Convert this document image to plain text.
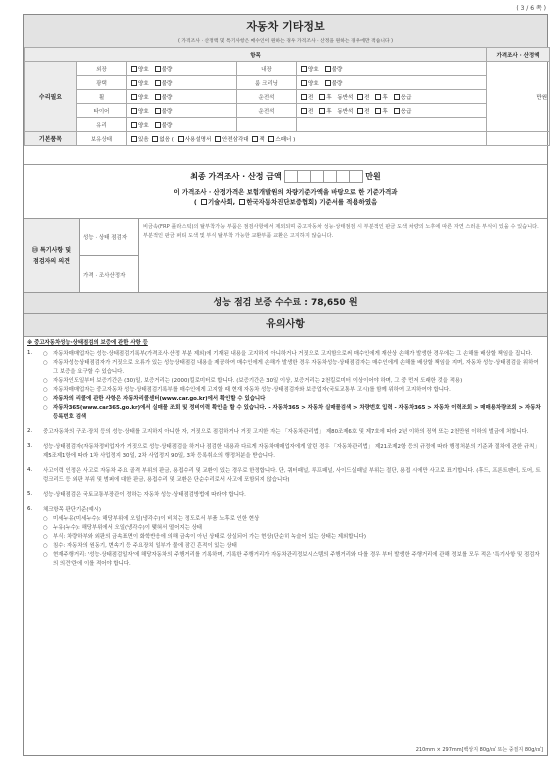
( 3 / 6 쪽 )
자동차 기타정보
( 가격조사 · 산정액 및 특기사항은 매수인이 원하는 경우 가격조사 · 산정을 원하는 경우에만 적습니다 )
항목					가격조사 · 산정액
수리필요	외장	양호 불량	내장	양호 불량	만원
	광택	양호 불량	룸 크리닝	양호 불량	
	휠	양호 불량	운전석	전 후 동반석 전 후 응급	
	타이어	양호 불량	운전석	전 후 동반석 전 후 응급	
	유리	양호 불량			
기본품목	보유상태	있음 없음 ( 사용설명서 안전삼각대 잭 스패너 )			
최종 가격조사 · 산정 금액	만원
이 가격조사 · 산정가격은 보험개발원의 차량기준가액을 바탕으로 한 기준가격과
( 기술사회, 한국자동차진단보증협회) 기준서를 적용하였음
⑬ 특기사항 및
점검자의 의견
성능 · 상태 점검자
가격 · 조사산정자
비금속(FRP 플라스틱)의 탈부착가능 부품은 점검사항에서 제외되며 중고자동차 성능·상태점검 시 부분적인 판금 도색 차량의 노후에 따른 자연 스러운 부식이 있을 수 있습니다. 부분적인 판금 퍼티 도색 및 부식 탈부착 가능한 교환부품 교환은 고지하지 않습니다.
성능 점검 보증 수수료 : 78,650 원
유의사항
※ 중고자동차성능·상태점검의 보증에 관한 사항 등
1.	○ 자동차매매업자는 성능·상태점검기록부(가격조사·산정 부분 제외)에 기재된 내용을 고지하지 아니하거나 거짓으로 고지함으로써 매수인에게 재산상 손해가 발생한 경우에는 그 손해를 배상할 책임을 집니다.
○ 자동차성능상태점검자가 거짓으로 오류가 있는 성능상태점검 내용을 제공하여 매수인에게 손해가 발생한 경우 자동차성능·상태점검자는 매수인에게 손해를 배상할 책임을 지며, 자동차 성능·상태점검을 위하여 그 보증을 요구할 수 있습니다.
○ 자동차인도일부터 보증기간은 (30)일, 보증거리는 (2000)킬로미터로 합니다. (보증기간은 30일 이상, 보증거리는 2천킬로미터 이상이어야 하며, 그 중 먼저 도래한 것을 적용)
○ 자동차매매업자는 중고자동차 성능·상태점검기록부를 매수인에게 고지할 때 현재 자동차 성능·상태점검자와 보증업자(국토교통부 고시)를 함께 위하여 고지하여야 합니다.
○ 자동차의 리콜에 관한 사항은 자동차리콜센터(www.car.go.kr)에서 확인할 수 있습니다
○ 자동차365(www.car365.go.kr)에서 실매물 조회 및 정비이력 확인을 할 수 있습니다. - 자동차365 > 자동차 실매물검색 > 차량번호 입력 - 자동차365 > 자동차 이력조회 > 매매용차량조회 > 자동차등록번호 검색
2.	중고자동차의 구조·장치 등의 성능·상태를 고지하지 아니한 자, 거짓으로 점검하거나 거짓 고지한 자는 「자동차관리법」 제80조제6호 및 제7호에 따라 2년 이하의 징역 또는 2천만원 이하의 벌금에 처합니다.
3.	성능·상태점검자(자동차정비업자가 거짓으로 성능·상태점검을 하거나 점검한 내용과 다르게 자동차매매업자에게 알린 경우 「자동차관리법」 제21조제2항 등의 규정에 따라 행정처분의 기준과 절차에 관한 규칙」 제5조제1항에 따라 1차 사업정지 30일, 2차 사업정지 90일, 3차 등록취소의 행정처분을 받습니다.
4.	사고이력 인정은 사고로 자동차 주요 골격 부위의 판금, 용접수리 및 교환이 있는 경우로 한정합니다. 단, 쿼터패널, 루프패널, 사이드실패널 부위는 절단, 용접 시에만 사고로 표기합니다. (후드, 프론트펜더, 도어, 트렁크리드 등 외판 부위 및 범퍼에 대한 판금, 용접수리 및 교환은 단순수리로서 사고에 포함되지 않습니다)
5.	성능·상태점검은 국토교통부장관이 정하는 자동차 성능·상태점검방법에 따라야 합니다.
6.	체크항목 판단기준(예시)
○ 미세누유(미세누수): 해당부위에 오일(냉각수)이 비치는 정도로서 부품 노후로 인한 현상
○ 누유(누수): 해당부위에서 오일(냉각수)이 맺혀서 떨어지는 상태
○ 부식: 차량하부와 외판의 금속표면이 화학반응에 의해 금속이 아닌 상태로 상실되어 가는 현상(단순히 녹슬어 있는 상태는 제외합니다)
○ 침수: 자동차의 원동기, 변속기 등 주요장치 일부가 물에 잠긴 흔적이 있는 상태
○ 현재주행거리: '성능·상태점검일자'에 해당자동차의 주행거리를 기록하며, 기록한 주행거리가 자동차관리정보시스템의 주행거리와 다를 경우 부터 발생한 주행거리에 관해 정보를 모두 적은 '특기사항 및 점검자의 의견'란에 이를 적어야 합니다.
210mm × 297mm[백상지 80g/㎡ 또는 중질지 80g/㎡]
